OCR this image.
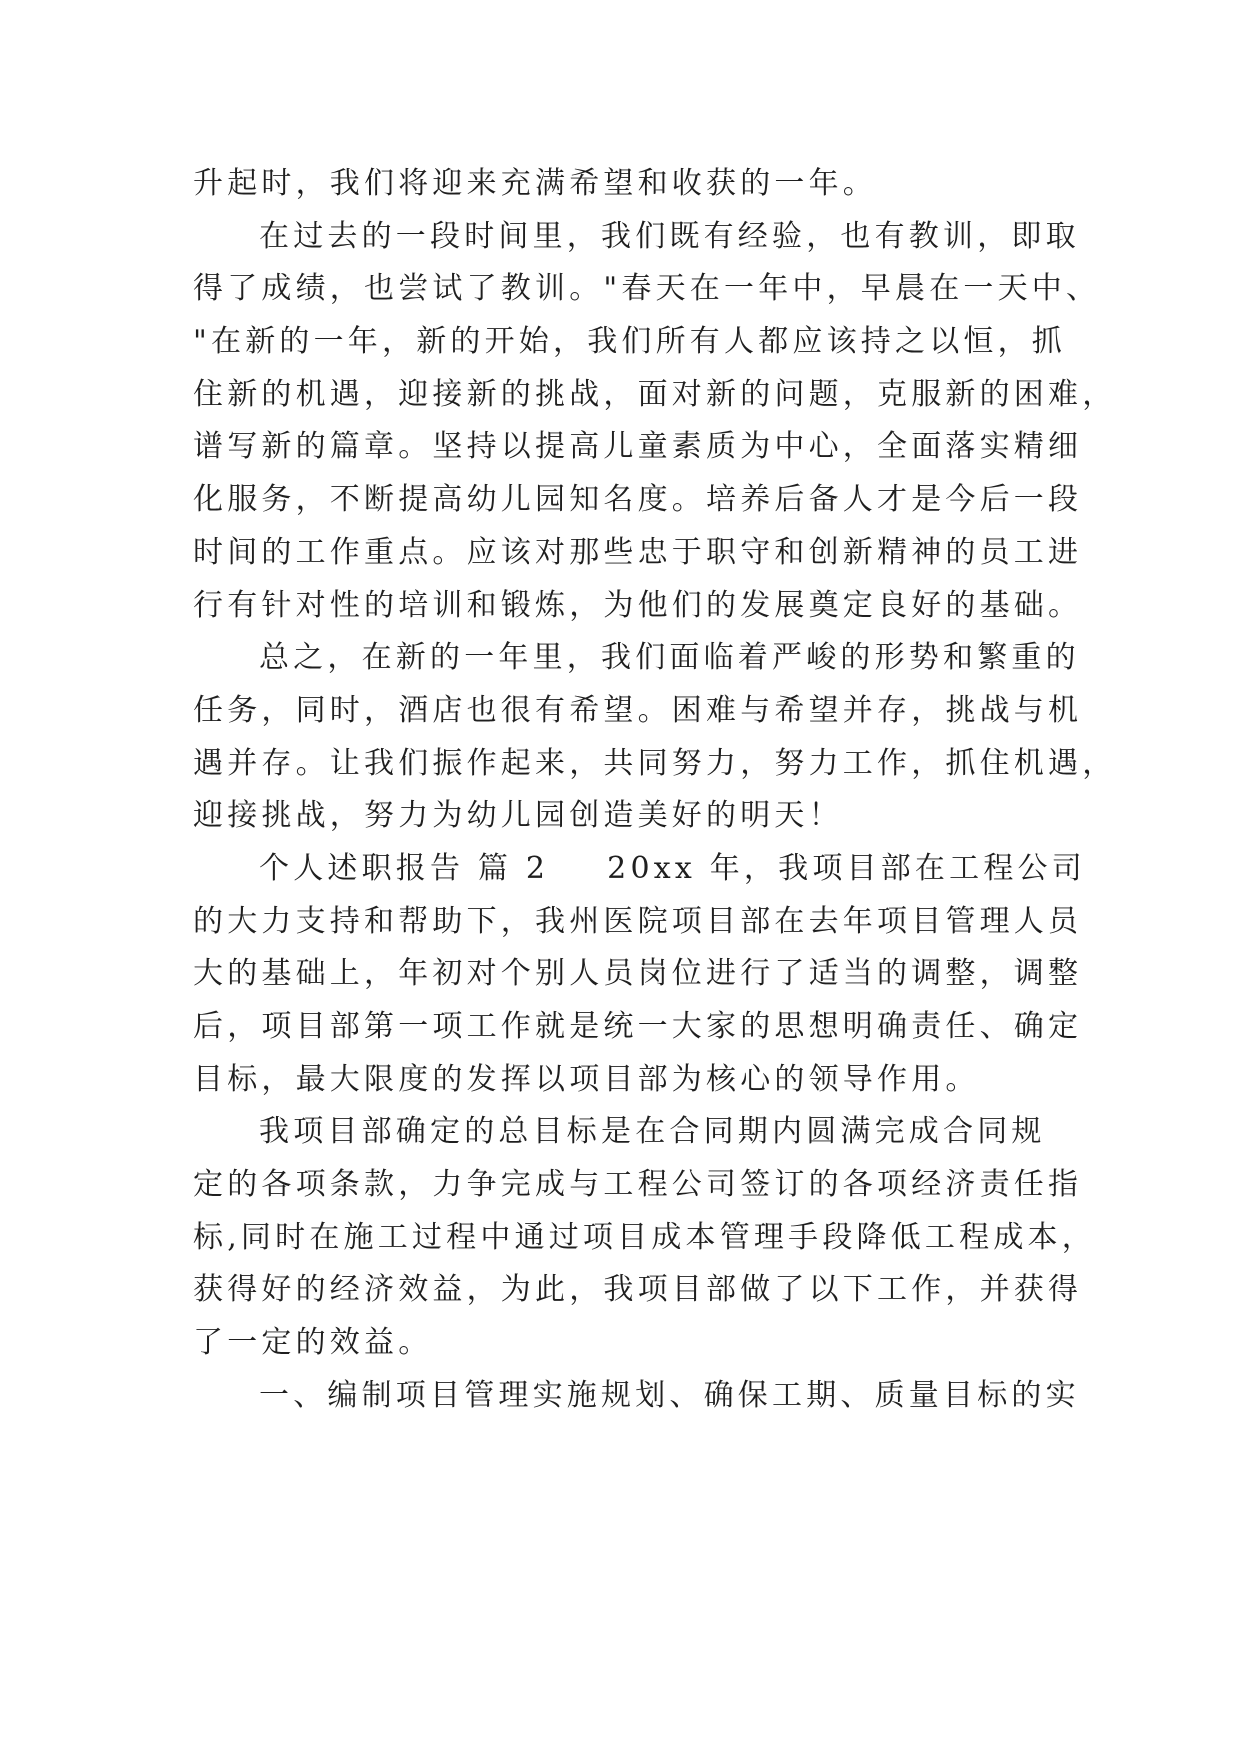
升起时，我们将迎来充满希望和收获的一年。
在过去的一段时间里，我们既有经验，也有教训，即取
得了成绩，也尝试了教训。"春天在一年中，早晨在一天中、
"在新的一年，新的开始，我们所有人都应该持之以恒，抓
住新的机遇，迎接新的挑战，面对新的问题，克服新的困难，
谱写新的篇章。坚持以提高儿童素质为中心，全面落实精细
化服务，不断提高幼儿园知名度。培养后备人才是今后一段
时间的工作重点。应该对那些忠于职守和创新精神的员工进
行有针对性的培训和锻炼，为他们的发展奠定良好的基础。
总之，在新的一年里，我们面临着严峻的形势和繁重的
任务，同时，酒店也很有希望。困难与希望并存，挑战与机
遇并存。让我们振作起来，共同努力，努力工作，抓住机遇，
迎接挑战，努力为幼儿园创造美好的明天！
个人述职报告 篇 2 20xx 年，我项目部在工程公司
的大力支持和帮助下，我州医院项目部在去年项目管理人员
大的基础上，年初对个别人员岗位进行了适当的调整，调整
后，项目部第一项工作就是统一大家的思想明确责任、确定
目标，最大限度的发挥以项目部为核心的领导作用。
我项目部确定的总目标是在合同期内圆满完成合同规
定的各项条款，力争完成与工程公司签订的各项经济责任指
标,同时在施工过程中通过项目成本管理手段降低工程成本，
获得好的经济效益，为此，我项目部做了以下工作，并获得
了一定的效益。
一、编制项目管理实施规划、确保工期、质量目标的实
